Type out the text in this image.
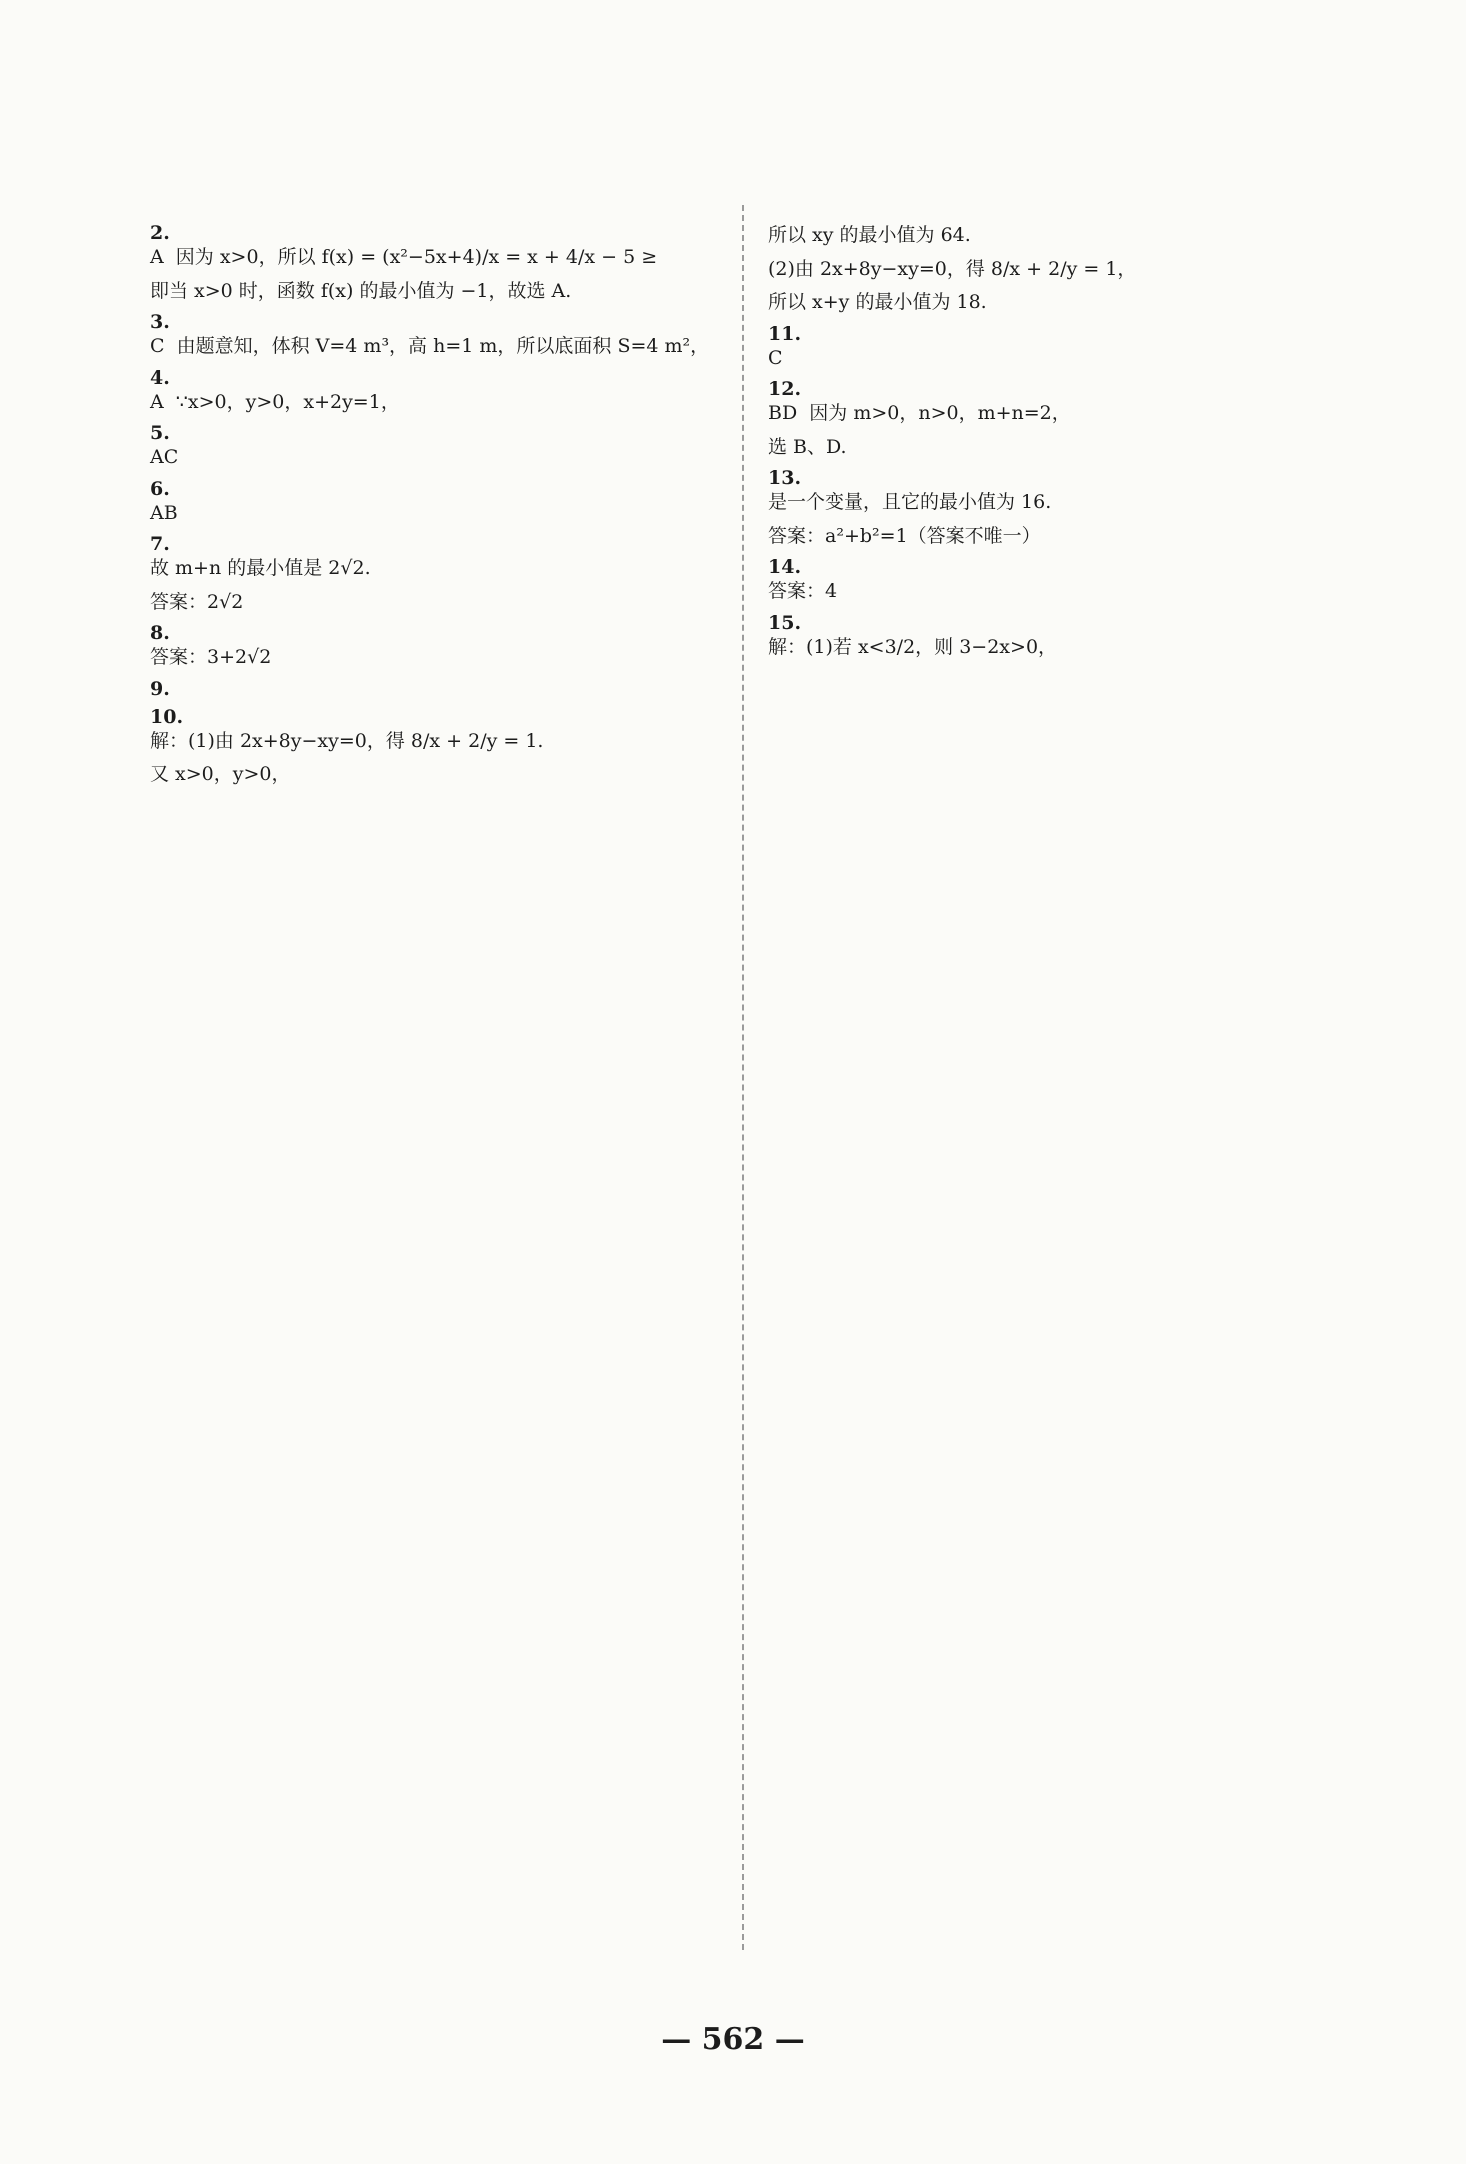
2.
A  因为 x>0，所以 f(x) = (x²−5x+4)/x = x + 4/x − 5 ≥
即当 x>0 时，函数 f(x) 的最小值为 −1，故选 A.
3.
C  由题意知，体积 V=4 m³，高 h=1 m，所以底面积 S=4 m²，
4.
A  ∵x>0，y>0，x+2y=1，
5.
AC
6.
AB
7.
故 m+n 的最小值是 2√2.
答案：2√2
8.
答案：3+2√2
9.
10.
解：(1)由 2x+8y−xy=0，得 8/x + 2/y = 1.
又 x>0，y>0，
所以 xy 的最小值为 64.
(2)由 2x+8y−xy=0，得 8/x + 2/y = 1，
所以 x+y 的最小值为 18.
11.
C
12.
BD  因为 m>0，n>0，m+n=2，
选 B、D.
13.
是一个变量，且它的最小值为 16.
答案：a²+b²=1（答案不唯一）
14.
答案：4
15.
解：(1)若 x<3/2，则 3−2x>0，
— 562 —
